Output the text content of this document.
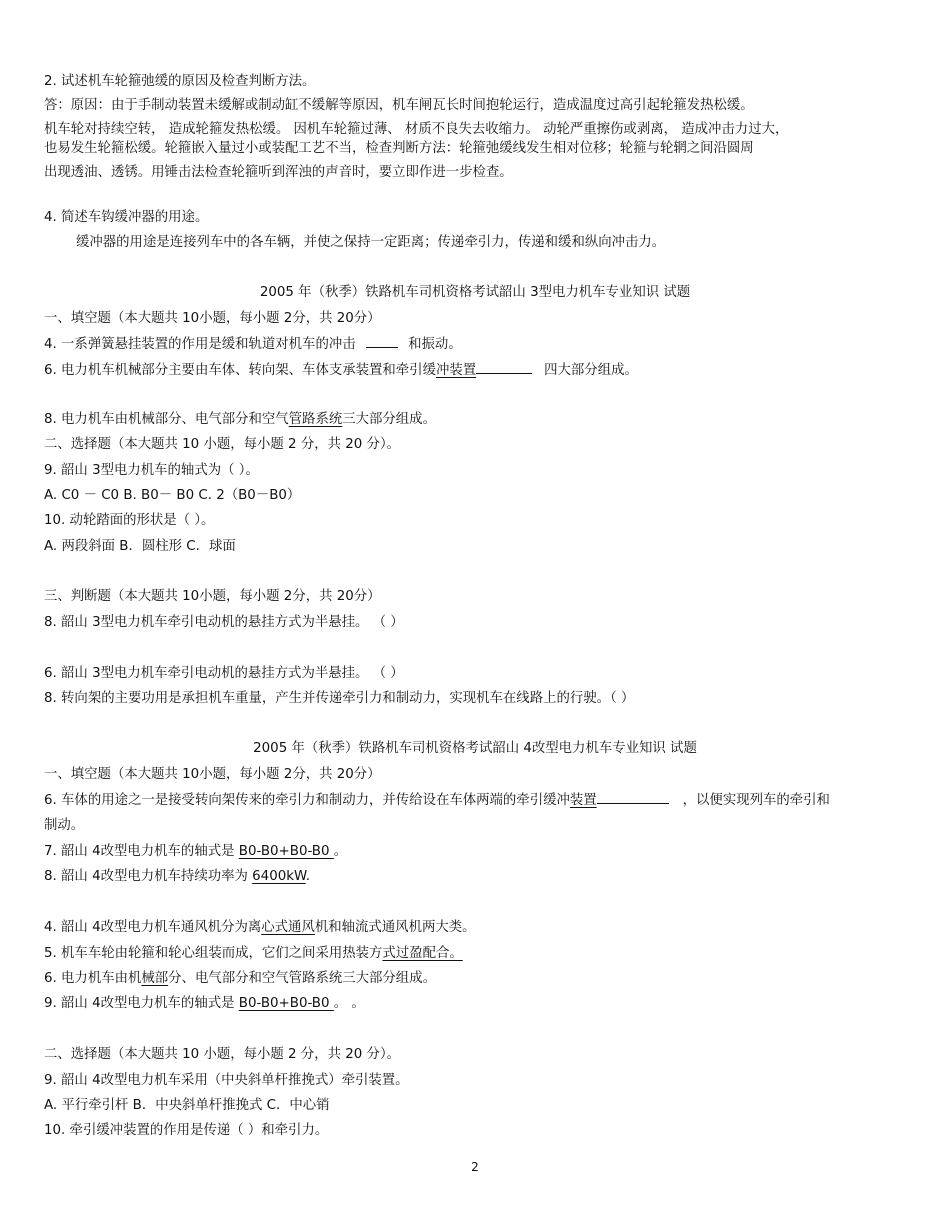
2. 试述机车轮箍弛缓的原因及检查判断方法。
答：原因：由于手制动装置未缓解或制动缸不缓解等原因，机车闸瓦长时间抱轮运行，造成温度过高引起轮箍发热松缓。
机车轮对持续空转， 造成轮箍发热松缓。 因机车轮箍过薄、 材质不良失去收缩力。 动轮严重擦伤或剥离， 造成冲击力过大，
也易发生轮箍松缓。轮箍嵌入量过小或装配工艺不当，检查判断方法：轮箍弛缓线发生相对位移；轮箍与轮辋之间沿圆周
出现透油、透锈。用锤击法检查轮箍听到浑浊的声音时，要立即作进一步检查。
4. 简述车钩缓冲器的用途。
缓冲器的用途是连接列车中的各车辆，并使之保持一定距离；传递牵引力，传递和缓和纵向冲击力。
2005 年（秋季）铁路机车司机资格考试韶山 3型电力机车专业知识 试题
一、填空题（本大题共 10小题，每小题 2分，共 20分）
4. 一系弹簧悬挂装置的作用是缓和轨道对机车的冲击	和振动。
6. 电力机车机械部分主要由车体、转向架、车体支承装置和牵引缓冲装置	四大部分组成。
8. 电力机车由机械部分、电气部分和空气管路系统三大部分组成。
二、选择题（本大题共 10 小题，每小题 2 分，共 20 分）。
9. 韶山 3型电力机车的轴式为（ ）。
A. C0 － C0 B. B0－ B0 C. 2（B0－B0）
10. 动轮踏面的形状是（ ）。
A. 两段斜面 B．圆柱形 C．球面
三、判断题（本大题共 10小题，每小题 2分，共 20分）
8. 韶山 3型电力机车牵引电动机的悬挂方式为半悬挂。 （ ）
6. 韶山 3型电力机车牵引电动机的悬挂方式为半悬挂。 （ ）
8. 转向架的主要功用是承担机车重量，产生并传递牵引力和制动力，实现机车在线路上的行驶。（ ）
2005 年（秋季）铁路机车司机资格考试韶山 4改型电力机车专业知识 试题
一、填空题（本大题共 10小题，每小题 2分，共 20分）
6. 车体的用途之一是接受转向架传来的牵引力和制动力，并传给设在车体两端的牵引缓冲装置	，以便实现列车的牵引和
制动。
7. 韶山 4改型电力机车的轴式是 B0-B0+B0-B0 。
8. 韶山 4改型电力机车持续功率为 6400kW.
4. 韶山 4改型电力机车通风机分为离心式通风机和轴流式通风机两大类。
5. 机车车轮由轮箍和轮心组装而成，它们之间采用热装方式过盈配合。
6. 电力机车由机械部分、电气部分和空气管路系统三大部分组成。
9. 韶山 4改型电力机车的轴式是 B0-B0+B0-B0 。 。
二、选择题（本大题共 10 小题，每小题 2 分，共 20 分）。
9. 韶山 4改型电力机车采用（中央斜单杆推挽式）牵引装置。
A. 平行牵引杆 B．中央斜单杆推挽式 C．中心销
10. 牵引缓冲装置的作用是传递（ ）和牵引力。
2
